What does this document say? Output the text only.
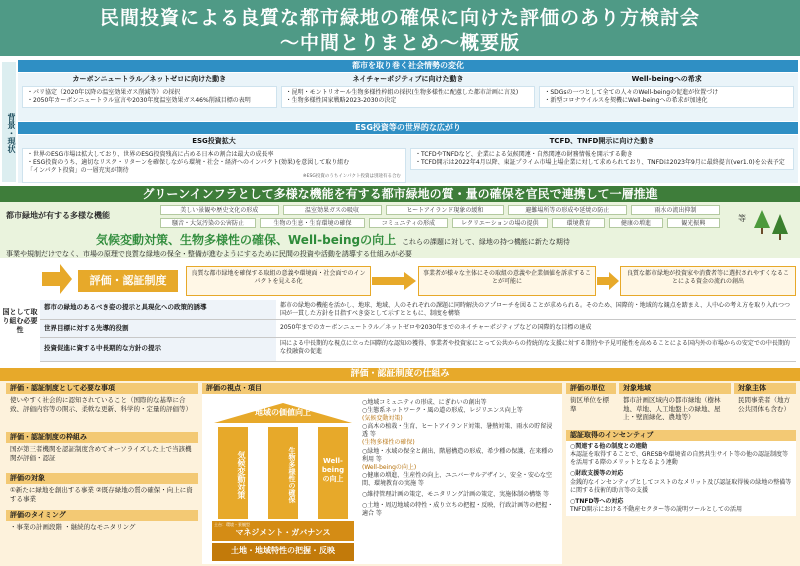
民間投資による良質な都市緑地の確保に向けた評価のあり方検討会
～中間とりまとめ～概要版
背景・現状
都市を取り巻く社会情勢の変化
カーボンニュートラル／ネットゼロに向けた動き
・パリ協定（2020年以降の温室効果ガス削減等）の採択
・2050年カーボンニュートラル宣言や2030年度温室効果ガス46%削減目標の表明
ネイチャーポジティブに向けた動き
・昆明・モントリオール生物多様性枠組の採択(生物多様性に配慮した都市計画に言及)
・生物多様性国家戦略2023-2030の決定
Well-beingへの希求
・SDGsの一つとして全ての人々のWell-beingの促進が位置づけ
・新型コロナウイルスを契機にWell-beingへの希求が加速化
ESG投資等の世界的な広がり
ESG投資拡大
・世界のESG市場は拡大しており、世界のESG投資残高に占める日本の割合は最大の成長率
・ESG投資のうち、適切なリスク・リターンを確保しながら環境・社会・経済へのインパクト(効果)を意図して取り組む
「インパクト投資」の一層充実が期待
※ESG投資のうちインパクト投資は別途有る合む
TCFD、TNFD開示に向けた動き
・TCFDやTNFDなど、企業による気候関連・自然関連の財務情報を開示する動き
・TCFD開示は2022年4月以降、東証プライム市場上場企業に対して求められており、TNFDは2023年9月に最終提言(ver1.0)を公表予定
グリーンインフラとして多様な機能を有する都市緑地の質・量の確保を官民で連携して一層推進
都市緑地が有する多様な機能
美しい景観や歴史文化の形成	温室効果ガスの吸収	ヒートアイランド現象の緩和	避難場所等の形成や延焼の防止	雨水の流出抑制
騒音・大気汚染の公害防止	生物の生息・生育環境の確保	コミュニティの形成	レクリエーションの場の提供	環境教育	健康の増進	観光振興
等
気候変動対策、生物多様性の確保、Well-beingの向上 これらの課題に対して、緑地の持つ機能に新たな期待
事業や規制だけでなく、市場の原理で良質な緑地の保全・整備が進むようにするために民間の投資や活動を誘導する仕組みが必要
評価・認証制度
良質な都市緑地を確保する取組の意義や環境面・社会面でのインパクトを見える化
事業者が様々な主体にその取組の意義や企業価値を訴求することが可能に
良質な都市緑地が投資家や消費者等に選択されやすくなることによる資金の流れの創出
国として取り組む必要性
都市の緑地のあるべき姿の提示と具現化への政策的誘導	都市の緑地の機能を活かし、地球、地域、人のそれぞれの課題に同時解決のアプローチを図ることが求められる。そのため、国際的・地域的な観点を踏まえ、人中心の考え方を取り入れつつ国が一貫した方針を目指すべき姿として示すとともに、制度を構築
世界目標に対する先導的役割	2050年までのカーボンニュートラル／ネットゼロや2030年までのネイチャーポジティブなどの国際的な目標の達成
投資促進に資する中長期的な方針の提示
国による中長期的な視点に立った国際的な認知の獲得、事業者や投資家にとって公共からの持続的な支援に対する期待や予見可能性を高めることによる国内外の市場からの安定での中長期的な投融資の促進
評価・認証制度の仕組み
評価・認証制度として必要な事項
使いやすく社会的に認知されていること（国際的な基準に合致、評価内容等の開示、柔軟な更新、科学的・定量的評価等）
評価・認証制度の枠組み
国が第三者機関を認証制度含めてオーソライズした上で当該機関が評価・認証
評価の対象
①新たに緑地を創出する事業 ②既存緑地の質の確保・向上に資する事業
評価のタイミング
・事業の計画段階 ・継続的なモニタリング
評価の視点・項目
地域の価値向上
気候変動対策	生物多様性の確保	Well-being の向上
土台：環境・景観型
マネジメント・ガバナンス
土地・地域特性の把握・反映
○地域コミュニティの形成、にぎわいの創出等
○生態系ネットワーク・風の道の形成、レジリエンス向上等
(気候変動対策)
○高木の植栽・生育、ヒートアイランド対策、暑熱対策、雨水の貯留浸透 等
(生物多様性の確保)
○緑地・水域の保全と創出、階層構造の形成、希少種の保護、在来種の利用 等
(Well-beingの向上)
○健康の増進、生産性の向上、ユニバーサルデザイン、安全・安心な空間、環境教育の実施 等
○維持管理計画の策定、モニタリング計画の策定、実施体制の構築 等
○土地・周辺地域の特性・成り立ちの把握・反映、行政計画等の把握・適合 等
評価の単位
街区単位を標準
対象地域
都市計画区域内の都市緑地（樹林地、草地、人工地盤上の緑地、屋上・壁面緑化、農地等）
対象主体
民間事業者（地方公共団体も含む）
認証取得のインセンティブ
○関連する他の制度との連動
本認証を取得することで、GRESBや環境省の自然共生サイト等の他の認証制度等を活用する際のメリットとなるよう連動
○財政支援等の対応
金銭的なインセンティブとしてコストのなメリット及び認証取得後の緑地の整備等に関する技術的助言等の支援
○TNFD等への対応
TNFD開示における不動産セクター等の説明ツールとしての活用
